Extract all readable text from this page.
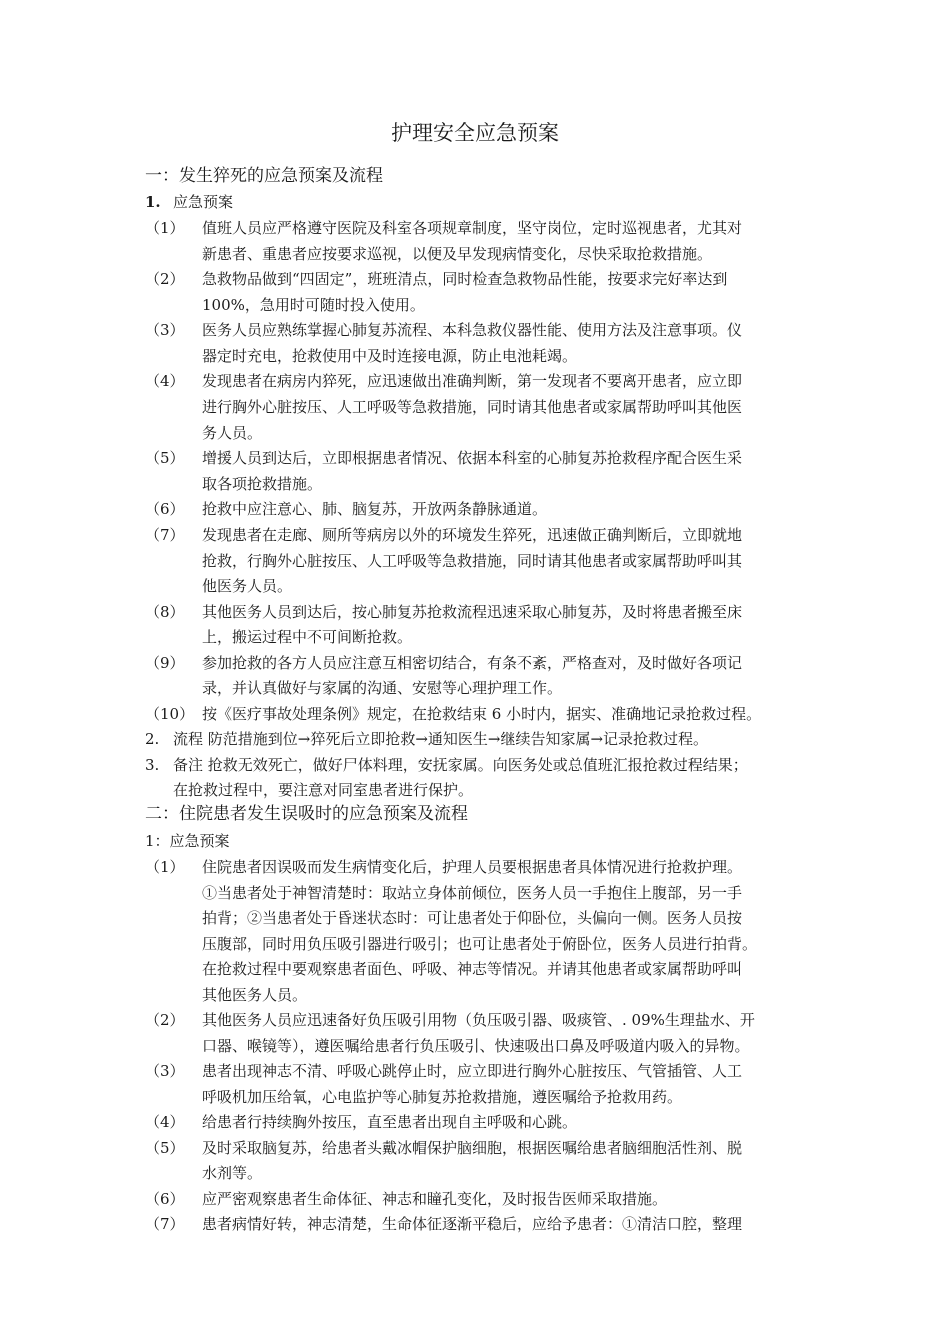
护理安全应急预案
一：发生猝死的应急预案及流程
1. 应急预案
（1） 值班人员应严格遵守医院及科室各项规章制度，坚守岗位，定时巡视患者，尤其对
新患者、重患者应按要求巡视，以便及早发现病情变化，尽快采取抢救措施。
（2） 急救物品做到“四固定”，班班清点，同时检查急救物品性能，按要求完好率达到
100%，急用时可随时投入使用。
（3） 医务人员应熟练掌握心肺复苏流程、本科急救仪器性能、使用方法及注意事项。仪
器定时充电，抢救使用中及时连接电源，防止电池耗竭。
（4） 发现患者在病房内猝死，应迅速做出准确判断，第一发现者不要离开患者，应立即
进行胸外心脏按压、人工呼吸等急救措施，同时请其他患者或家属帮助呼叫其他医
务人员。
（5） 增援人员到达后，立即根据患者情况、依据本科室的心肺复苏抢救程序配合医生采
取各项抢救措施。
（6） 抢救中应注意心、肺、脑复苏，开放两条静脉通道。
（7） 发现患者在走廊、厕所等病房以外的环境发生猝死，迅速做正确判断后，立即就地
抢救，行胸外心脏按压、人工呼吸等急救措施，同时请其他患者或家属帮助呼叫其
他医务人员。
（8） 其他医务人员到达后，按心肺复苏抢救流程迅速采取心肺复苏，及时将患者搬至床
上，搬运过程中不可间断抢救。
（9） 参加抢救的各方人员应注意互相密切结合，有条不紊，严格查对，及时做好各项记
录，并认真做好与家属的沟通、安慰等心理护理工作。
（10） 按《医疗事故处理条例》规定，在抢救结束 6 小时内，据实、准确地记录抢救过程。
2. 流程 防范措施到位→猝死后立即抢救→通知医生→继续告知家属→记录抢救过程。
3. 备注 抢救无效死亡，做好尸体料理，安抚家属。向医务处或总值班汇报抢救过程结果；
在抢救过程中，要注意对同室患者进行保护。
二：住院患者发生误吸时的应急预案及流程
1：应急预案
（1） 住院患者因误吸而发生病情变化后，护理人员要根据患者具体情况进行抢救护理。
①当患者处于神智清楚时：取站立身体前倾位，医务人员一手抱住上腹部，另一手
拍背；②当患者处于昏迷状态时：可让患者处于仰卧位，头偏向一侧。医务人员按
压腹部，同时用负压吸引器进行吸引；也可让患者处于俯卧位，医务人员进行拍背。
在抢救过程中要观察患者面色、呼吸、神志等情况。并请其他患者或家属帮助呼叫
其他医务人员。
（2） 其他医务人员应迅速备好负压吸引用物（负压吸引器、吸痰管、. 09%生理盐水、开
口器、喉镜等），遵医嘱给患者行负压吸引、快速吸出口鼻及呼吸道内吸入的异物。
（3） 患者出现神志不清、呼吸心跳停止时，应立即进行胸外心脏按压、气管插管、人工
呼吸机加压给氧，心电监护等心肺复苏抢救措施，遵医嘱给予抢救用药。
（4） 给患者行持续胸外按压，直至患者出现自主呼吸和心跳。
（5） 及时采取脑复苏，给患者头戴冰帽保护脑细胞，根据医嘱给患者脑细胞活性剂、脱
水剂等。
（6） 应严密观察患者生命体征、神志和瞳孔变化，及时报告医师采取措施。
（7） 患者病情好转，神志清楚，生命体征逐渐平稳后，应给予患者：①清洁口腔，整理
